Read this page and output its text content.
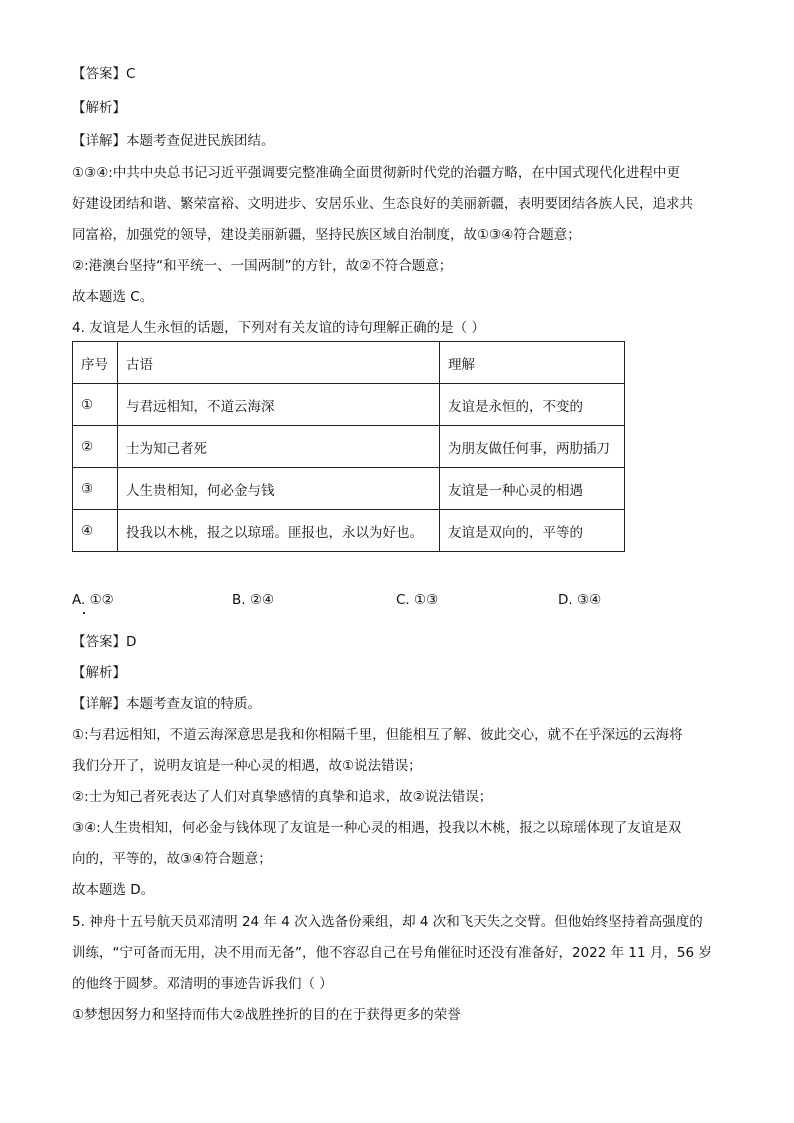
【答案】C
【解析】
【详解】本题考查促进民族团结。
①③④:中共中央总书记习近平强调要完整准确全面贯彻新时代党的治疆方略，在中国式现代化进程中更
好建设团结和谐、繁荣富裕、文明进步、安居乐业、生态良好的美丽新疆，表明要团结各族人民，追求共
同富裕，加强党的领导，建设美丽新疆，坚持民族区域自治制度，故①③④符合题意；
②:港澳台坚持“和平统一、一国两制”的方针，故②不符合题意；
故本题选 C。
4. 友谊是人生永恒的话题，下列对有关友谊的诗句理解正确的是（ ）
序号	古语	理解
①	与君远相知，不道云海深	友谊是永恒的，不变的
②	士为知己者死	为朋友做任何事，两肋插刀
③	人生贵相知，何必金与钱	友谊是一种心灵的相遇
④	投我以木桃，报之以琼瑶。匪报也，永以为好也。	友谊是双向的，平等的
A. ①②	B. ②④	C. ①③	D. ③④
【答案】D
【解析】
【详解】本题考查友谊的特质。
①:与君远相知，不道云海深意思是我和你相隔千里，但能相互了解、彼此交心，就不在乎深远的云海将
我们分开了，说明友谊是一种心灵的相遇，故①说法错误；
②:士为知己者死表达了人们对真挚感情的真挚和追求，故②说法错误；
③④:人生贵相知，何必金与钱体现了友谊是一种心灵的相遇，投我以木桃，报之以琼瑶体现了友谊是双
向的，平等的，故③④符合题意；
故本题选 D。
5. 神舟十五号航天员邓清明 24 年 4 次入选备份乘组，却 4 次和飞天失之交臂。但他始终坚持着高强度的
训练，“宁可备而无用，决不用而无备”，他不容忍自己在号角催征时还没有准备好，2022 年 11 月，56 岁
的他终于圆梦。邓清明的事迹告诉我们（ ）
①梦想因努力和坚持而伟大②战胜挫折的目的在于获得更多的荣誉
